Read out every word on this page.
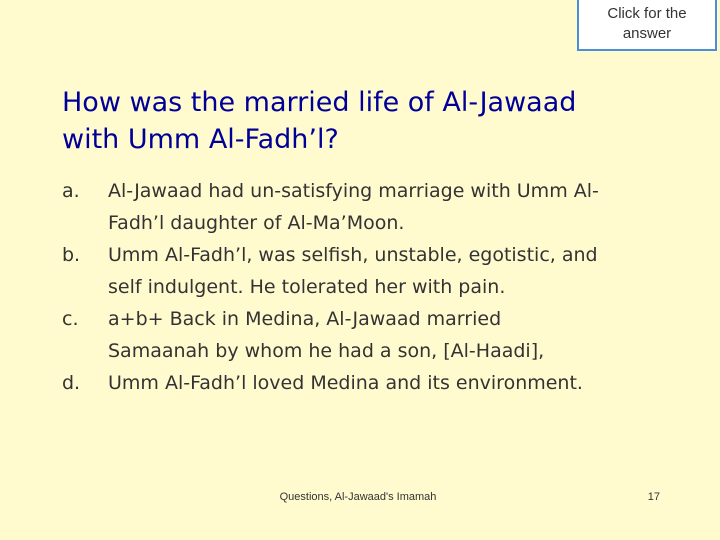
Click for the
answer
How was the married life of Al-Jawaad
with Umm Al-Fadh’l?
a.	Al-Jawaad had un-satisfying marriage with Umm Al-
Fadh’l daughter of Al-Ma’Moon.
b.	Umm Al-Fadh’l, was selfish, unstable, egotistic, and
self indulgent. He tolerated her with pain.
c.	a+b+ Back in Medina, Al-Jawaad married
Samaanah by whom he had a son, [Al-Haadi],
d.	Umm Al-Fadh’l loved Medina and its environment.
Questions, Al-Jawaad's Imamah	17
